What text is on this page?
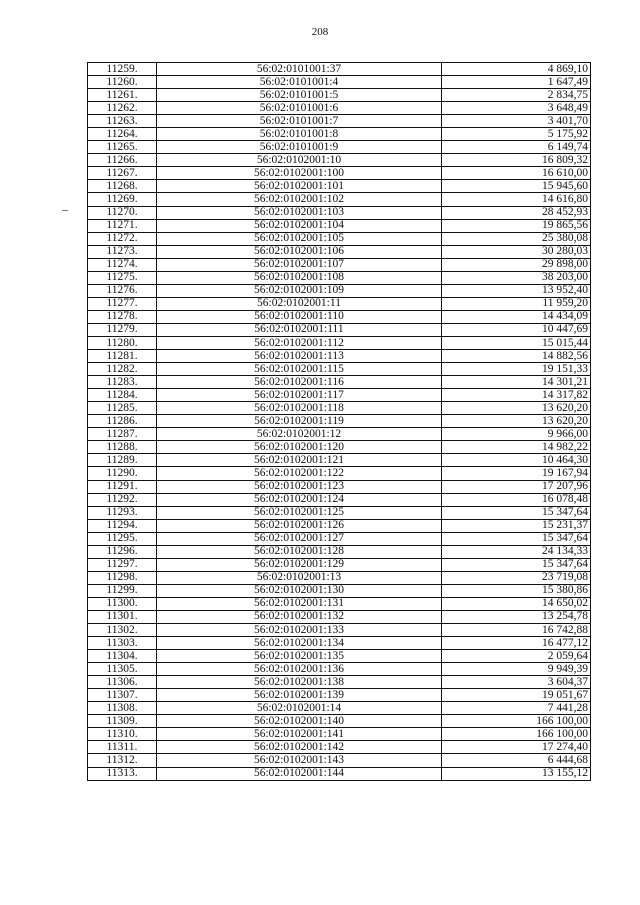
208
11259.	56:02:0101001:37	4 869,10
11260.	56:02:0101001:4	1 647,49
11261.	56:02:0101001:5	2 834,75
11262.	56:02:0101001:6	3 648,49
11263.	56:02:0101001:7	3 401,70
11264.	56:02:0101001:8	5 175,92
11265.	56:02:0101001:9	6 149,74
11266.	56:02:0102001:10	16 809,32
11267.	56:02:0102001:100	16 610,00
11268.	56:02:0102001:101	15 945,60
11269.	56:02:0102001:102	14 616,80
11270.	56:02:0102001:103	28 452,93
11271.	56:02:0102001:104	19 865,56
11272.	56:02:0102001:105	25 380,08
11273.	56:02:0102001:106	30 280,03
11274.	56:02:0102001:107	29 898,00
11275.	56:02:0102001:108	38 203,00
11276.	56:02:0102001:109	13 952,40
11277.	56:02:0102001:11	11 959,20
11278.	56:02:0102001:110	14 434,09
11279.	56:02:0102001:111	10 447,69
11280.	56:02:0102001:112	15 015,44
11281.	56:02:0102001:113	14 882,56
11282.	56:02:0102001:115	19 151,33
11283.	56:02:0102001:116	14 301,21
11284.	56:02:0102001:117	14 317,82
11285.	56:02:0102001:118	13 620,20
11286.	56:02:0102001:119	13 620,20
11287.	56:02:0102001:12	9 966,00
11288.	56:02:0102001:120	14 982,22
11289.	56:02:0102001:121	10 464,30
11290.	56:02:0102001:122	19 167,94
11291.	56:02:0102001:123	17 207,96
11292.	56:02:0102001:124	16 078,48
11293.	56:02:0102001:125	15 347,64
11294.	56:02:0102001:126	15 231,37
11295.	56:02:0102001:127	15 347,64
11296.	56:02:0102001:128	24 134,33
11297.	56:02:0102001:129	15 347,64
11298.	56:02:0102001:13	23 719,08
11299.	56:02:0102001:130	15 380,86
11300.	56:02:0102001:131	14 650,02
11301.	56:02:0102001:132	13 254,78
11302.	56:02:0102001:133	16 742,88
11303.	56:02:0102001:134	16 477,12
11304.	56:02:0102001:135	2 059,64
11305.	56:02:0102001:136	9 949,39
11306.	56:02:0102001:138	3 604,37
11307.	56:02:0102001:139	19 051,67
11308.	56:02:0102001:14	7 441,28
11309.	56:02:0102001:140	166 100,00
11310.	56:02:0102001:141	166 100,00
11311.	56:02:0102001:142	17 274,40
11312.	56:02:0102001:143	6 444,68
11313.	56:02:0102001:144	13 155,12
